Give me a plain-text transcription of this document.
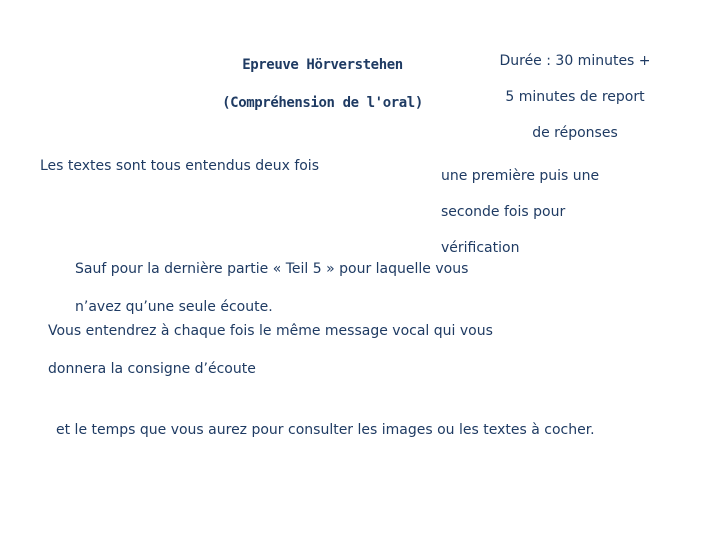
Epreuve Hörverstehen

(Compréhension de l'oral)

Durée : 30 minutes +

5 minutes de report

de réponses

Les textes sont tous entendus deux fois

une première puis une

seconde fois pour

vérification

Sauf pour la dernière partie « Teil 5 » pour laquelle vous

n’avez qu’une seule écoute.

Vous entendrez à chaque fois le même message vocal qui vous

donnera la consigne d’écoute

et le temps que vous aurez pour consulter les images ou les textes à cocher.
